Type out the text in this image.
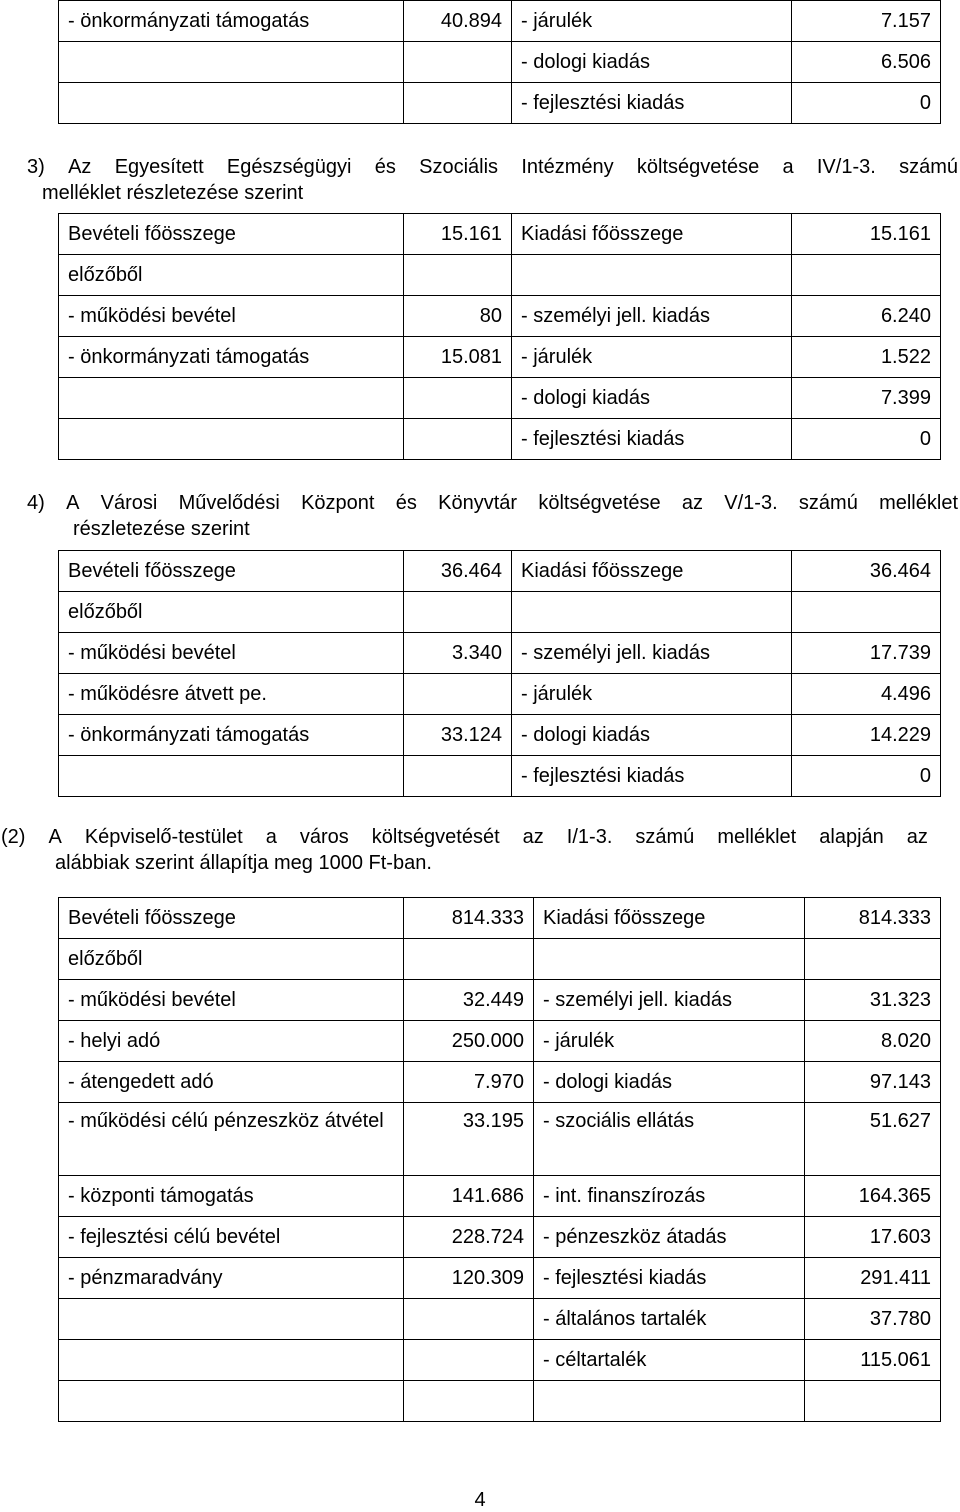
- önkormányzati támogatás	40.894	- járulék	7.157
		- dologi kiadás	6.506
		- fejlesztési kiadás	0
3) Az Egyesített Egészségügyi és Szociális Intézmény költségvetése a IV/1-3. számú
melléklet részletezése szerint
Bevételi főösszege	15.161	Kiadási főösszege	15.161
előzőből			
- működési bevétel	80	- személyi jell. kiadás	6.240
- önkormányzati támogatás	15.081	- járulék	1.522
		- dologi kiadás	7.399
		- fejlesztési kiadás	0
4) A Városi Művelődési Központ és Könyvtár költségvetése az V/1-3. számú melléklet
részletezése szerint
Bevételi főösszege	36.464	Kiadási főösszege	36.464
előzőből			
- működési bevétel	3.340	- személyi jell. kiadás	17.739
- működésre átvett pe.		- járulék	4.496
- önkormányzati támogatás	33.124	- dologi kiadás	14.229
		- fejlesztési kiadás	0
(2) A Képviselő-testület a város költségvetését az I/1-3. számú melléklet alapján az
alábbiak szerint állapítja meg 1000 Ft-ban.
Bevételi főösszege	814.333	Kiadási főösszege	814.333
előzőből			
- működési bevétel	32.449	- személyi jell. kiadás	31.323
- helyi adó	250.000	- járulék	8.020
- átengedett adó	7.970	- dologi kiadás	97.143
- működési célú pénzeszköz átvétel	33.195	- szociális ellátás	51.627
- központi támogatás	141.686	- int. finanszírozás	164.365
- fejlesztési célú bevétel	228.724	- pénzeszköz átadás	17.603
- pénzmaradvány	120.309	- fejlesztési kiadás	291.411
		- általános tartalék	37.780
		- céltartalék	115.061

4
